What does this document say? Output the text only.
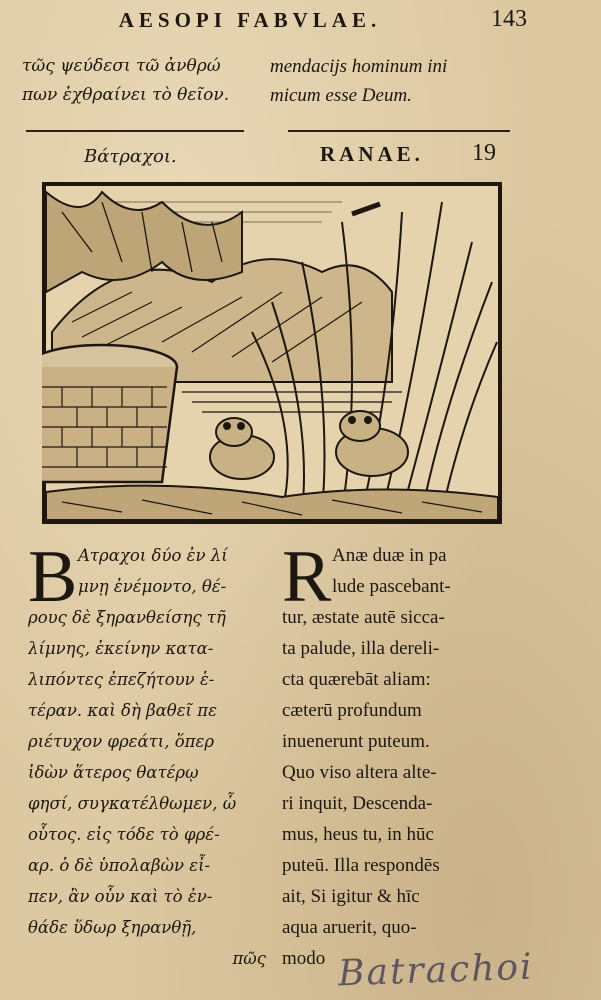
AESOPI FABVLAE.	143
τῶς ψεύδεσι τῶ ἀνθρώ
πων ἐχθραίνει τὸ θεῖον.
mendacijs hominum ini
micum esse Deum.
Βάτραχοι.	RANAE. 19
B Ατραχοι δύο ἐν λί
μνῃ ἐνέμοντο, θέ-
ρους δὲ ξηρανθείσης τῆ
λίμνης, ἐκείνην κατα-
λιπόντες ἐπεζήτουν ἑ-
τέραν. καὶ δὴ βαθεῖ πε
ριέτυχον φρεάτι, ὅπερ
ἰδὼν ἅτερος θατέρῳ
φησί, συγκατέλθωμεν, ὦ
οὗτος. εἰς τόδε τὸ φρέ-
αρ. ὁ δὲ ὑπολαβὼν εἶ-
πεν, ἂν οὖν καὶ τὸ ἐν-
θάδε ὕδωρ ξηρανθῇ,
πῶς
R Anæ duæ in pa
lude pascebant-
tur, æstate autē sicca-
ta palude, illa dereli-
cta quærebāt aliam:
cæterū profundum
inuenerunt puteum.
Quo viso altera alte-
ri inquit, Descenda-
mus, heus tu, in hūc
puteū. Illa respondēs
ait, Si igitur & hīc
aqua aruerit, quo-
modo Batrachoi
